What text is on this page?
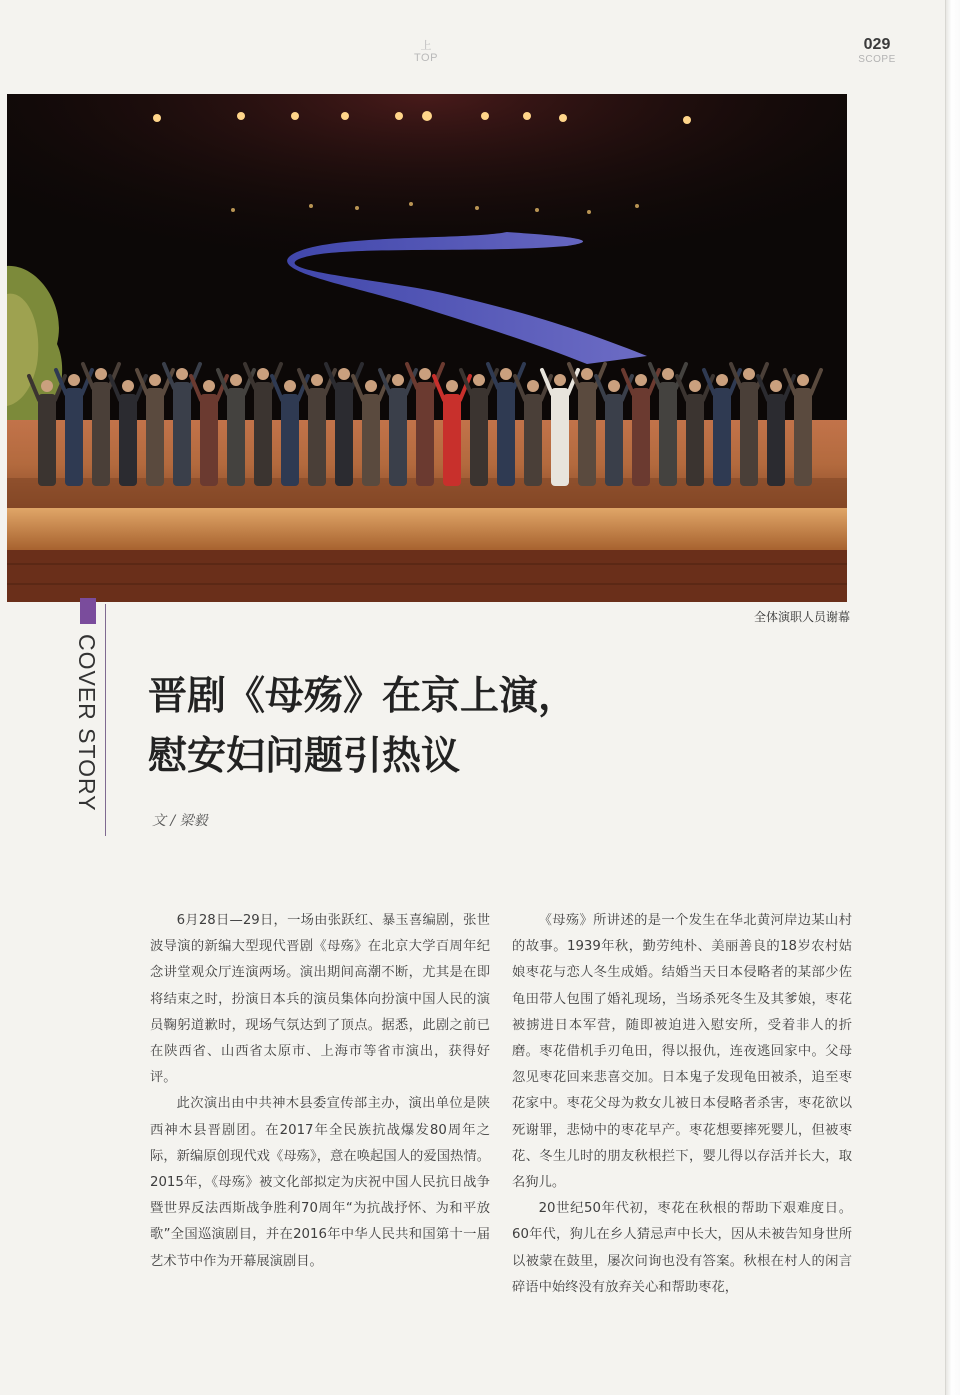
上
TOP
029
SCOPE
全体演职人员谢幕
COVER STORY 晋剧《母殇》在京上演，
慰安妇问题引热议
文 / 梁毅

6月28日—29日，一场由张跃红、暴玉喜编剧，张世波导演的新编大型现代晋剧《母殇》在北京大学百周年纪念讲堂观众厅连演两场。演出期间高潮不断，尤其是在即将结束之时，扮演日本兵的演员集体向扮演中国人民的演员鞠躬道歉时，现场气氛达到了顶点。据悉，此剧之前已在陕西省、山西省太原市、上海市等省市演出，获得好评。

此次演出由中共神木县委宣传部主办，演出单位是陕西神木县晋剧团。在2017年全民族抗战爆发80周年之际，新编原创现代戏《母殇》，意在唤起国人的爱国热情。2015年，《母殇》被文化部拟定为庆祝中国人民抗日战争暨世界反法西斯战争胜利70周年“为抗战抒怀、为和平放歌”全国巡演剧目，并在2016年中华人民共和国第十一届艺术节中作为开幕展演剧目。

《母殇》所讲述的是一个发生在华北黄河岸边某山村的故事。1939年秋，勤劳纯朴、美丽善良的18岁农村姑娘枣花与恋人冬生成婚。结婚当天日本侵略者的某部少佐龟田带人包围了婚礼现场，当场杀死冬生及其爹娘，枣花被掳进日本军营，随即被迫进入慰安所，受着非人的折磨。枣花借机手刃龟田，得以报仇，连夜逃回家中。父母忽见枣花回来悲喜交加。日本鬼子发现龟田被杀，追至枣花家中。枣花父母为救女儿被日本侵略者杀害，枣花欲以死谢罪，悲恸中的枣花早产。枣花想要摔死婴儿，但被枣花、冬生儿时的朋友秋根拦下，婴儿得以存活并长大，取名狗儿。

20世纪50年代初，枣花在秋根的帮助下艰难度日。60年代，狗儿在乡人猜忌声中长大，因从未被告知身世所以被蒙在鼓里，屡次问询也没有答案。秋根在村人的闲言碎语中始终没有放弃关心和帮助枣花，
